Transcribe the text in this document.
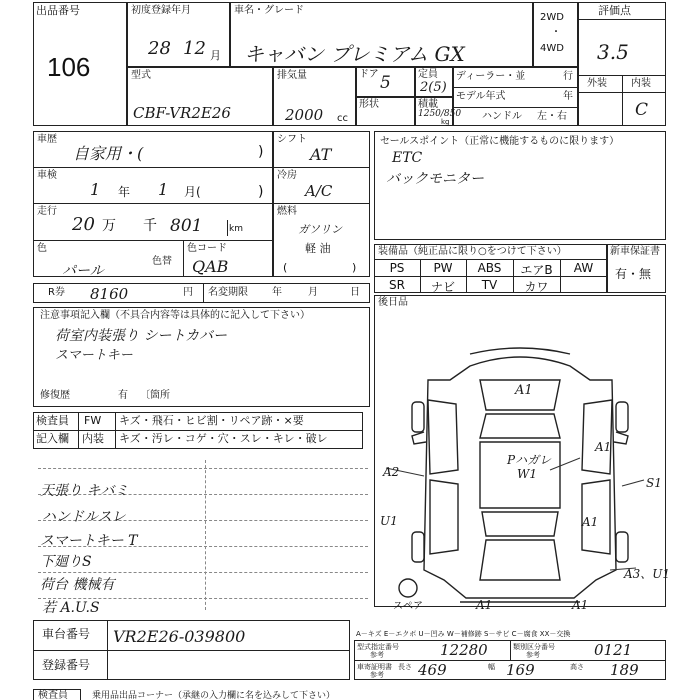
出品番号
106
初度登録年月
28 12 月
車名・グレード
キャバン プレミアム GX
2WD
・
4WD
評価点
3.5
外装 内装
C
型式
CBF-VR2E26
排気量
2000 cc
ドア 5	定員
2(5)
形状	積載
1250/850
kg
ディーラー・並	行
モデル年式	年
ハンドル 左・右
車歴
自家用・(	)
車検
1 年 1 月(	)
走行
20 万 千 801	km
色
パール
色替
色コード
QAB
シフト
AT
冷房
A/C
燃料
ガソリン
軽 油
(	)
セールスポイント（正常に機能するものに限ります）
ETC
バックモニター
装備品（純正品に限り○をつけて下さい）
PS	PW	ABS	エアB	AW
SR	ナビ	TV	カワ
新車保証書
有・無
R券 8160	円 名変期限 年	月	日
注意事項記入欄（不具合内容等は具体的に記入して下さい）
荷室内装張り シートカバー
スマートキー
修復歴	有 〔箇所
後日品
検査員 FW キズ・飛石・ヒビ割・リペア跡・×要
記入欄 内装 キズ・汚レ・コゲ・穴・スレ・キレ・破レ
天張り キバミ
ハンドルスレ
スマートキー T
下廻りS
荷台 機械有
若 A.U.S
A1
Pハガレ
W1
A2
U1
A1
S1
A1
A3、U1
A1	A1
スペア
車台番号 VR2E26-039800
登録番号
A－キズ E－エクボ U－凹み W－補修跡 S－サビ C－腐食 XX－交換
型式指定番号
参考	12280	類別区分番号
参考	0121
車寄証明書
参考
長さ 469	幅 169	高さ 189
検査員	乗用品出品コーナー（承継の入力欄に名を込みして下さい）
